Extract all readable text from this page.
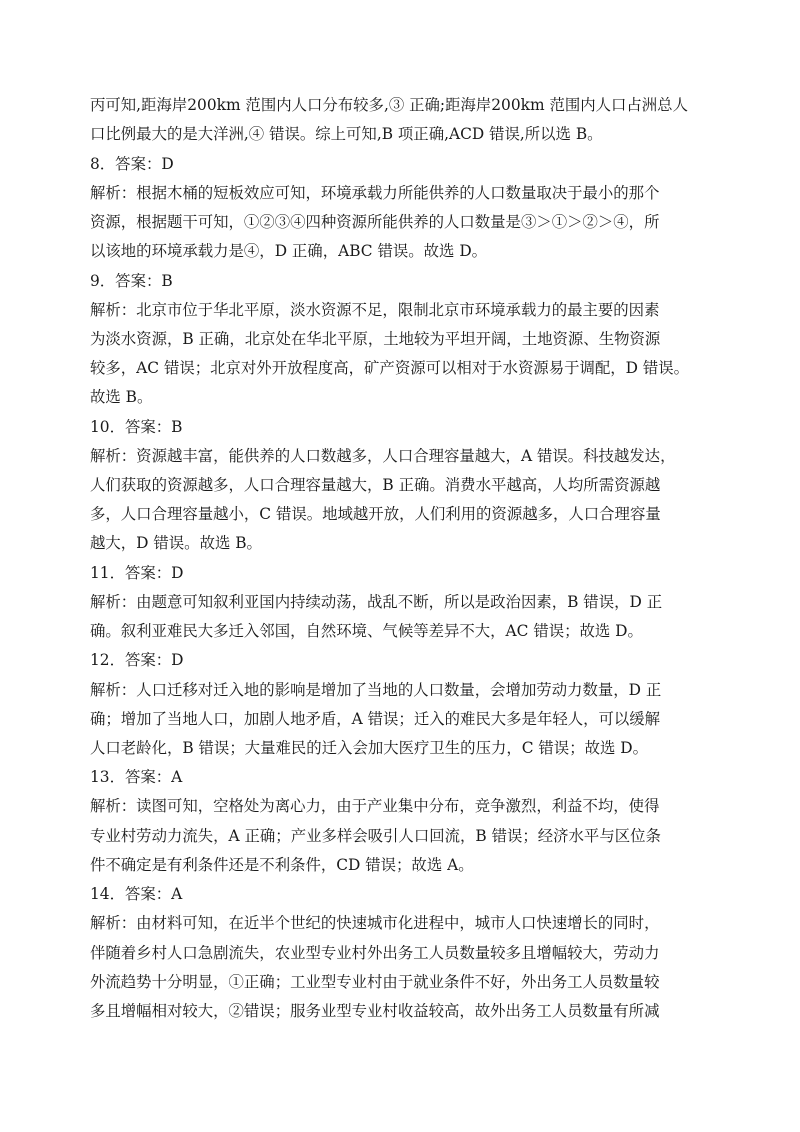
丙可知,距海岸200km 范围内人口分布较多,③ 正确;距海岸200km 范围内人口占洲总人
口比例最大的是大洋洲,④ 错误。综上可知,B 项正确,ACD 错误,所以选 B。
8．答案：D
解析：根据木桶的短板效应可知，环境承载力所能供养的人口数量取决于最小的那个
资源，根据题干可知，①②③④四种资源所能供养的人口数量是③＞①＞②＞④，所
以该地的环境承载力是④，D 正确，ABC 错误。故选 D。
9．答案：B
解析：北京市位于华北平原，淡水资源不足，限制北京市环境承载力的最主要的因素
为淡水资源，B 正确，北京处在华北平原，土地较为平坦开阔，土地资源、生物资源
较多，AC 错误；北京对外开放程度高，矿产资源可以相对于水资源易于调配，D 错误。
故选 B。
10．答案：B
解析：资源越丰富，能供养的人口数越多，人口合理容量越大，A 错误。科技越发达，
人们获取的资源越多，人口合理容量越大，B 正确。消费水平越高，人均所需资源越
多，人口合理容量越小，C 错误。地域越开放，人们利用的资源越多，人口合理容量
越大，D 错误。故选 B。
11．答案：D
解析：由题意可知叙利亚国内持续动荡，战乱不断，所以是政治因素，B 错误，D 正
确。叙利亚难民大多迁入邻国，自然环境、气候等差异不大，AC 错误；故选 D。
12．答案：D
解析：人口迁移对迁入地的影响是增加了当地的人口数量，会增加劳动力数量，D 正
确；增加了当地人口，加剧人地矛盾，A 错误；迁入的难民大多是年轻人，可以缓解
人口老龄化，B 错误；大量难民的迁入会加大医疗卫生的压力，C 错误；故选 D。
13．答案：A
解析：读图可知，空格处为离心力，由于产业集中分布，竞争激烈，利益不均，使得
专业村劳动力流失，A 正确；产业多样会吸引人口回流，B 错误；经济水平与区位条
件不确定是有利条件还是不利条件，CD 错误；故选 A。
14．答案：A
解析：由材料可知，在近半个世纪的快速城市化进程中，城市人口快速增长的同时，
伴随着乡村人口急剧流失，农业型专业村外出务工人员数量较多且增幅较大，劳动力
外流趋势十分明显，①正确；工业型专业村由于就业条件不好，外出务工人员数量较
多且增幅相对较大，②错误；服务业型专业村收益较高，故外出务工人员数量有所减
